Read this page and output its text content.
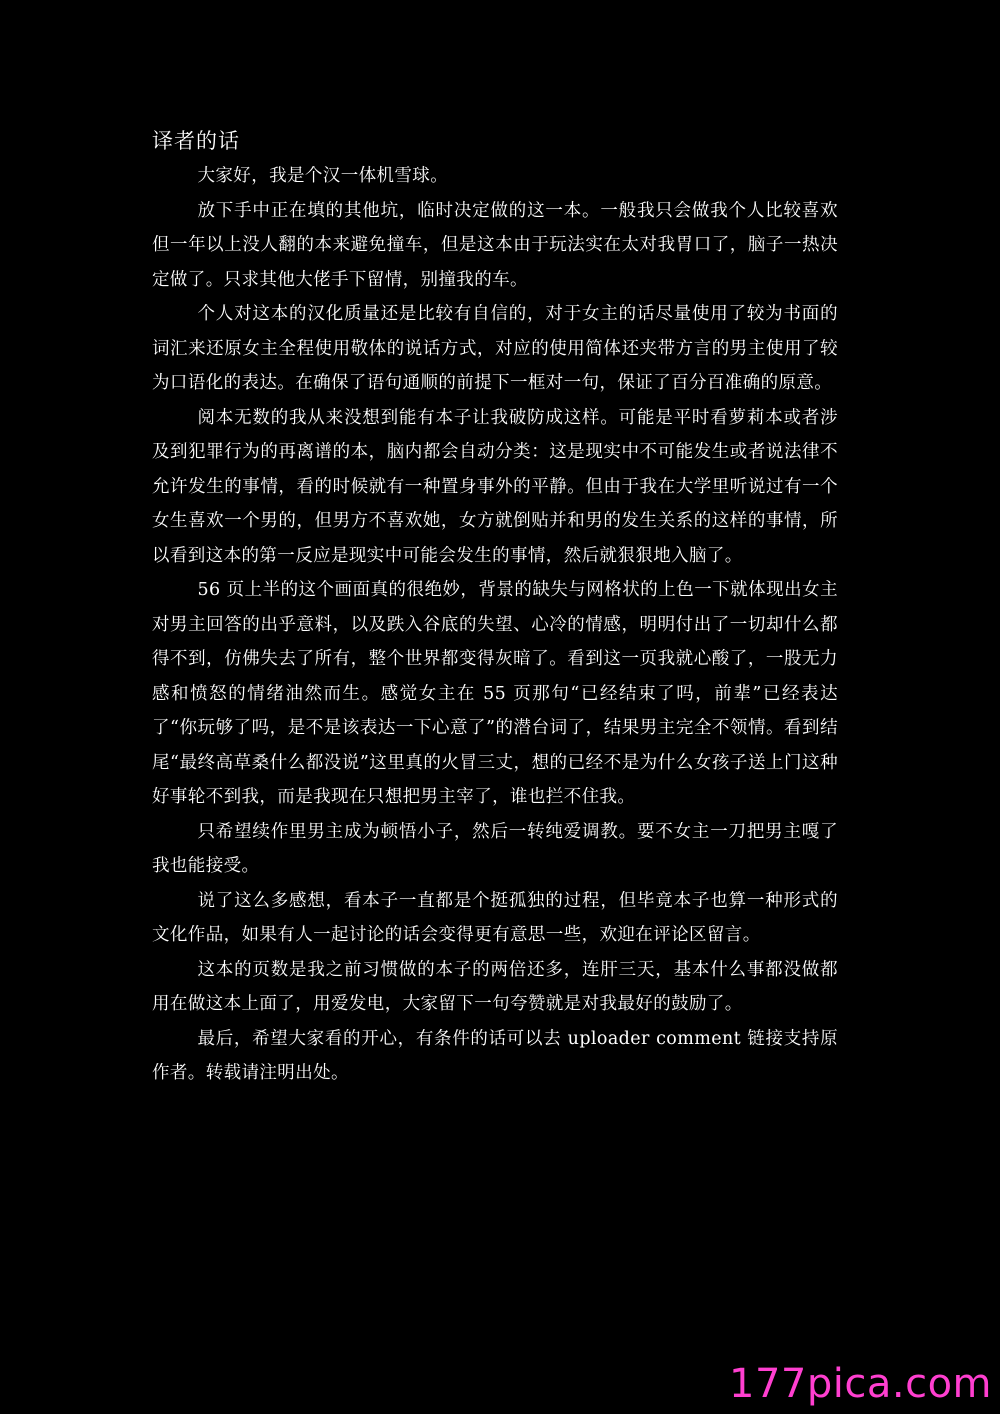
译者的话

大家好，我是个汉一体机雪球。

放下手中正在填的其他坑，临时决定做的这一本。一般我只会做我个人比较喜欢但一年以上没人翻的本来避免撞车，但是这本由于玩法实在太对我胃口了，脑子一热决定做了。只求其他大佬手下留情，别撞我的车。

个人对这本的汉化质量还是比较有自信的，对于女主的话尽量使用了较为书面的词汇来还原女主全程使用敬体的说话方式，对应的使用简体还夹带方言的男主使用了较为口语化的表达。在确保了语句通顺的前提下一框对一句，保证了百分百准确的原意。

阅本无数的我从来没想到能有本子让我破防成这样。可能是平时看萝莉本或者涉及到犯罪行为的再离谱的本，脑内都会自动分类：这是现实中不可能发生或者说法律不允许发生的事情，看的时候就有一种置身事外的平静。但由于我在大学里听说过有一个女生喜欢一个男的，但男方不喜欢她，女方就倒贴并和男的发生关系的这样的事情，所以看到这本的第一反应是现实中可能会发生的事情，然后就狠狠地入脑了。

56 页上半的这个画面真的很绝妙，背景的缺失与网格状的上色一下就体现出女主对男主回答的出乎意料，以及跌入谷底的失望、心冷的情感，明明付出了一切却什么都得不到，仿佛失去了所有，整个世界都变得灰暗了。看到这一页我就心酸了，一股无力感和愤怒的情绪油然而生。感觉女主在 55 页那句“已经结束了吗，前辈”已经表达了“你玩够了吗，是不是该表达一下心意了”的潜台词了，结果男主完全不领情。看到结尾“最终高草桑什么都没说”这里真的火冒三丈，想的已经不是为什么女孩子送上门这种好事轮不到我，而是我现在只想把男主宰了，谁也拦不住我。

只希望续作里男主成为顿悟小子，然后一转纯爱调教。要不女主一刀把男主嘎了我也能接受。

说了这么多感想，看本子一直都是个挺孤独的过程，但毕竟本子也算一种形式的文化作品，如果有人一起讨论的话会变得更有意思一些，欢迎在评论区留言。

这本的页数是我之前习惯做的本子的两倍还多，连肝三天，基本什么事都没做都用在做这本上面了，用爱发电，大家留下一句夸赞就是对我最好的鼓励了。

最后，希望大家看的开心，有条件的话可以去 uploader comment 链接支持原作者。转载请注明出处。

177pica.com
